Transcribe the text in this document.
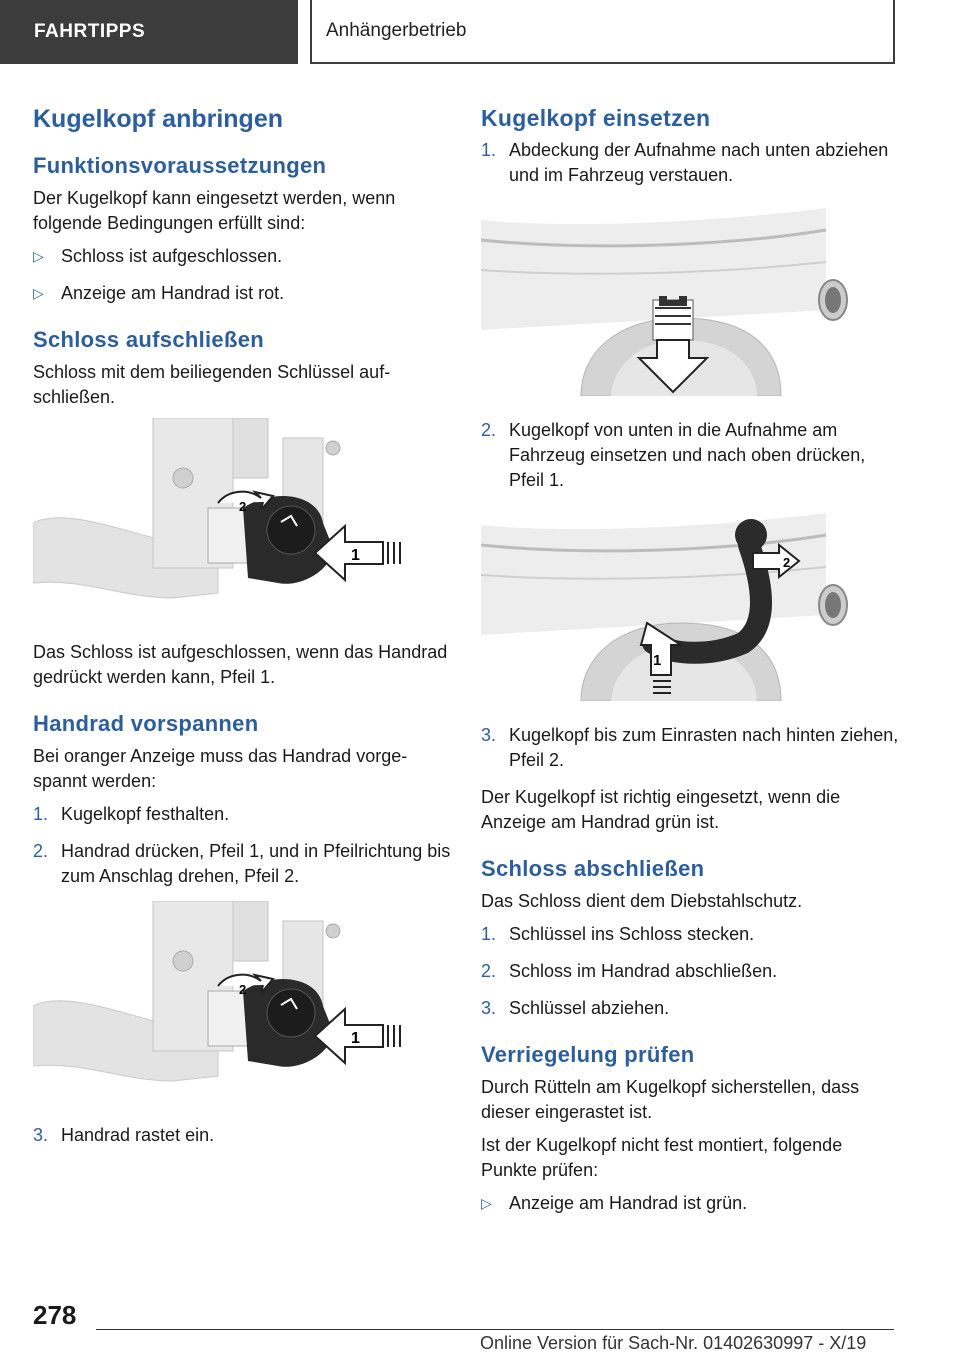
FAHRTIPPS	Anhängerbetrieb
Kugelkopf anbringen
Funktionsvoraussetzungen

Der Kugelkopf kann eingesetzt werden, wenn folgende Bedingungen erfüllt sind:

▷ Schloss ist aufgeschlossen.
▷ Anzeige am Handrad ist rot.
Schloss aufschließen

Schloss mit dem beiliegenden Schlüssel aufschließen.

2
1

Das Schloss ist aufgeschlossen, wenn das Handrad gedrückt werden kann, Pfeil 1.

Handrad vorspannen

Bei oranger Anzeige muss das Handrad vorgespannt werden:

1. Kugelkopf festhalten.
2. Handrad drücken, Pfeil 1, und in Pfeilrichtung bis zum Anschlag drehen, Pfeil 2.
2
1
3. Handrad rastet ein.
Kugelkopf einsetzen
1. Abdeckung der Aufnahme nach unten abziehen und im Fahrzeug verstauen.
2. Kugelkopf von unten in die Aufnahme am Fahrzeug einsetzen und nach oben drücken, Pfeil 1.
2
1
3. Kugelkopf bis zum Einrasten nach hinten ziehen, Pfeil 2.

Der Kugelkopf ist richtig eingesetzt, wenn die Anzeige am Handrad grün ist.

Schloss abschließen

Das Schloss dient dem Diebstahlschutz.

1. Schlüssel ins Schloss stecken.
2. Schloss im Handrad abschließen.
3. Schlüssel abziehen.
Verriegelung prüfen

Durch Rütteln am Kugelkopf sicherstellen, dass dieser eingerastet ist.

Ist der Kugelkopf nicht fest montiert, folgende Punkte prüfen:

▷ Anzeige am Handrad ist grün.
278
Online Version für Sach-Nr. 01402630997 - X/19
